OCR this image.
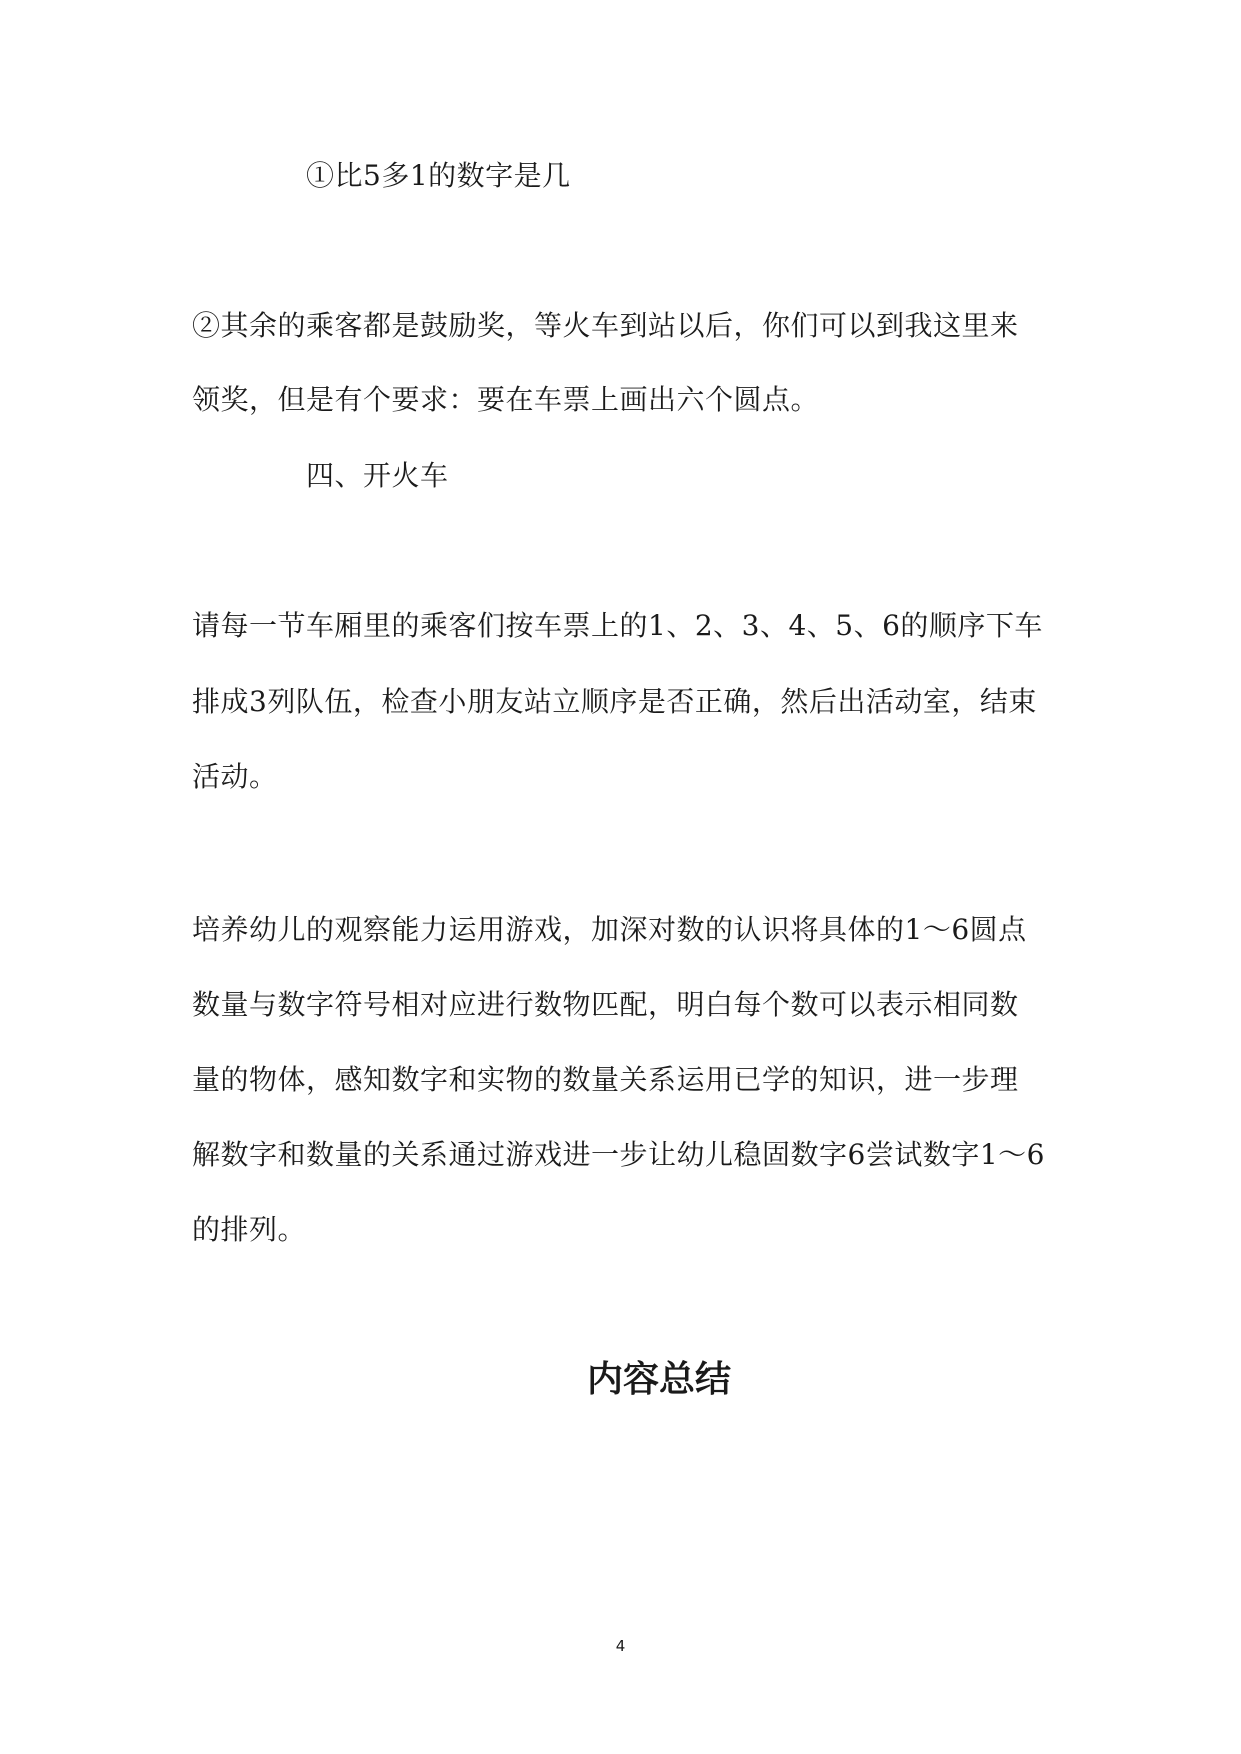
①比5多1的数字是几
②其余的乘客都是鼓励奖，等火车到站以后，你们可以到我这里来
领奖，但是有个要求：要在车票上画出六个圆点。
四、开火车
请每一节车厢里的乘客们按车票上的1、2、3、4、5、6的顺序下车
排成3列队伍，检查小朋友站立顺序是否正确，然后出活动室，结束
活动。
培养幼儿的观察能力运用游戏，加深对数的认识将具体的1～6圆点
数量与数字符号相对应进行数物匹配，明白每个数可以表示相同数
量的物体，感知数字和实物的数量关系运用已学的知识，进一步理
解数字和数量的关系通过游戏进一步让幼儿稳固数字6尝试数字1～6
的排列。
内容总结
4
